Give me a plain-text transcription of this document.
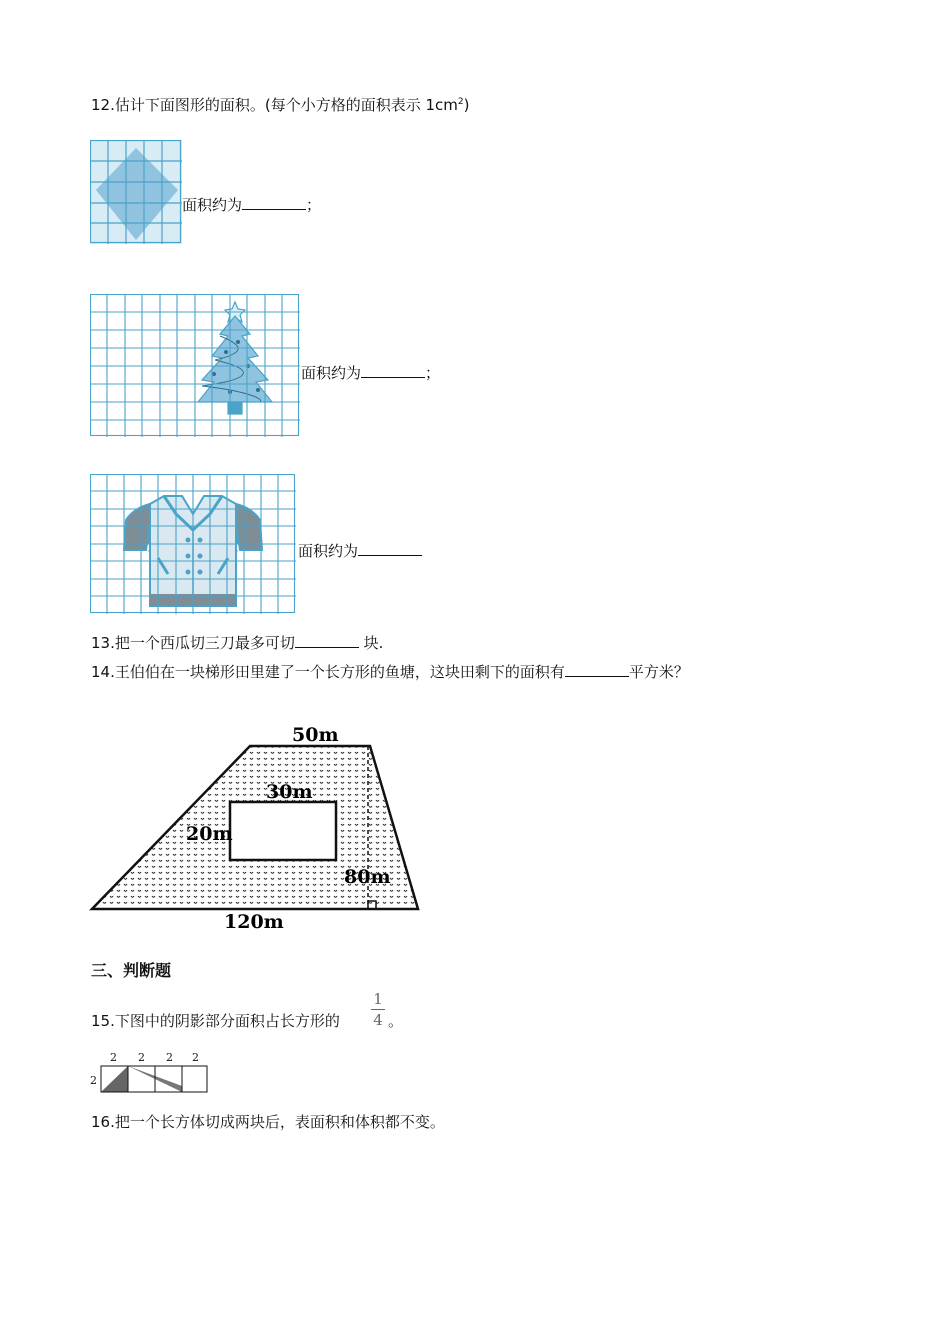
12.估计下面图形的面积。(每个小方格的面积表示 $1cm^2$)
面积约为	；
面积约为	；
面积约为
13.把一个西瓜切三刀最多可切	块.
14.王伯伯在一块梯形田里建了一个长方形的鱼塘，这块田剩下的面积有	平方米？
50m
30m
20m
80m
120m
三、判断题
15.下图中的阴影部分面积占长方形的
1
4 。
2 2 2 2
2
16.把一个长方体切成两块后，表面积和体积都不变。
